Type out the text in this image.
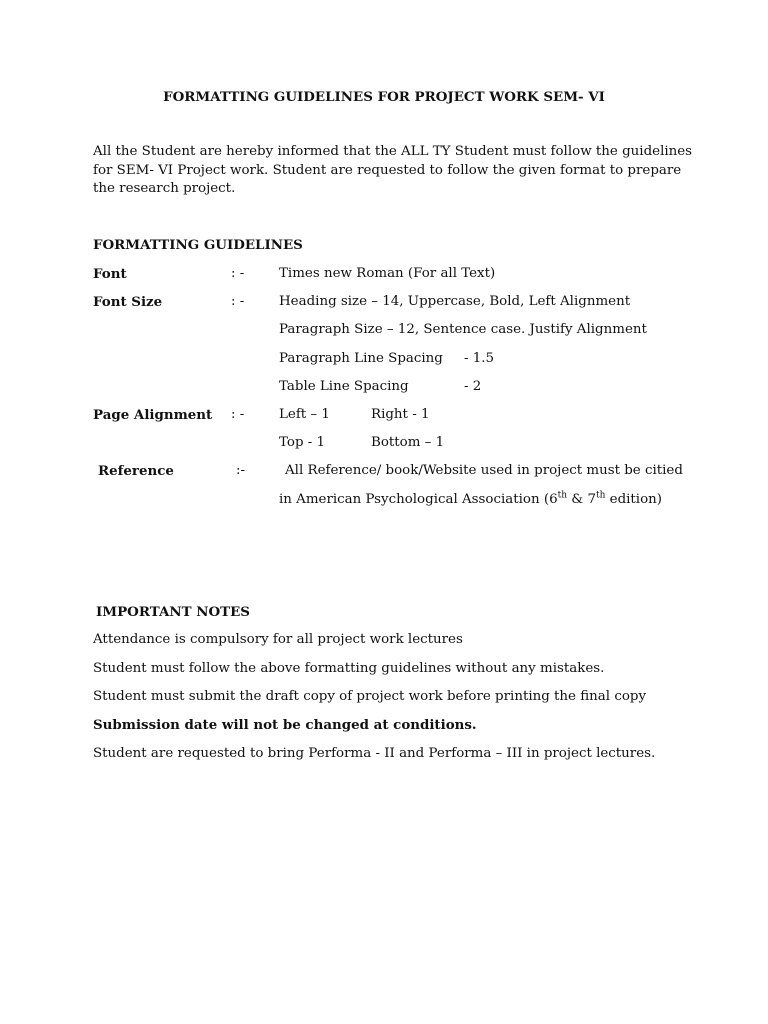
FORMATTING GUIDELINES FOR PROJECT WORK SEM- VI
All the Student are hereby informed that the ALL TY Student must follow the guidelines
for SEM- VI Project work. Student are requested to follow the given format to prepare
the research project.
FORMATTING GUIDELINES
Font	: -	Times new Roman (For all Text)
Font Size	: -	Heading size – 14, Uppercase, Bold, Left Alignment
Paragraph Size – 12, Sentence case. Justify Alignment
Paragraph Line Spacing - 1.5
Table Line Spacing	- 2
Page Alignment : -	Left – 1	Right - 1
Top - 1	Bottom – 1
Reference	:-	All Reference/ book/Website used in project must be citied
in American Psychological Association (6th & 7th edition)
IMPORTANT NOTES
Attendance is compulsory for all project work lectures
Student must follow the above formatting guidelines without any mistakes.
Student must submit the draft copy of project work before printing the final copy
Submission date will not be changed at conditions.
Student are requested to bring Performa - II and Performa – III in project lectures.
